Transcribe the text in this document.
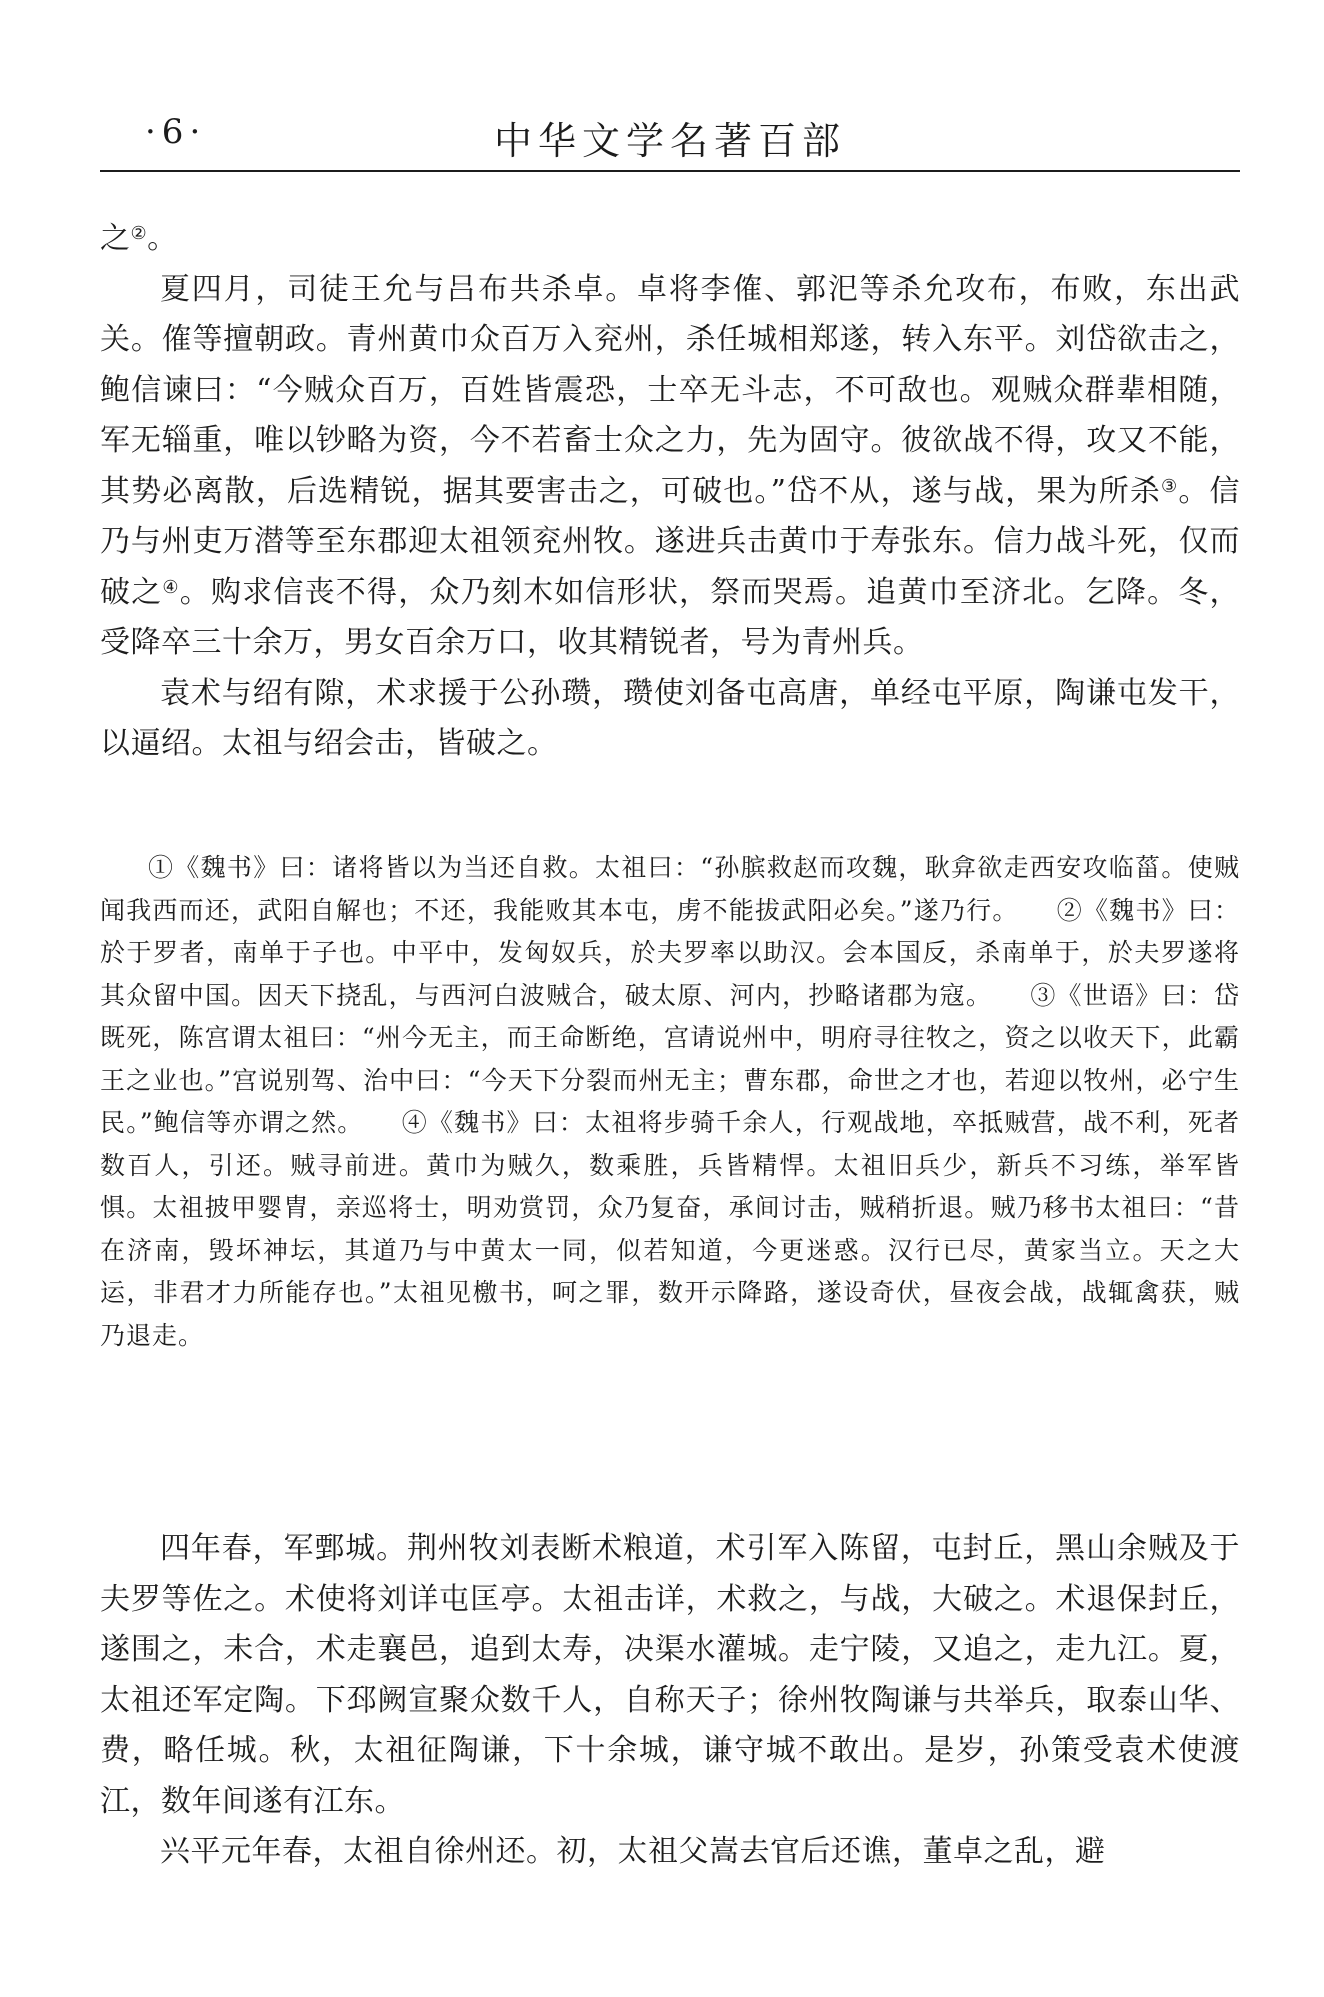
·6·	中华文学名著百部

之②。

夏四月，司徒王允与吕布共杀卓。卓将李傕、郭汜等杀允攻布，布败，东出武关。傕等擅朝政。青州黄巾众百万入兖州，杀任城相郑遂，转入东平。刘岱欲击之，鲍信谏曰：“今贼众百万，百姓皆震恐，士卒无斗志，不可敌也。观贼众群辈相随，军无辎重，唯以钞略为资，今不若畜士众之力，先为固守。彼欲战不得，攻又不能，其势必离散，后选精锐，据其要害击之，可破也。”岱不从，遂与战，果为所杀③。信乃与州吏万潜等至东郡迎太祖领兖州牧。遂进兵击黄巾于寿张东。信力战斗死，仅而破之④。购求信丧不得，众乃刻木如信形状，祭而哭焉。追黄巾至济北。乞降。冬，受降卒三十余万，男女百余万口，收其精锐者，号为青州兵。

袁术与绍有隙，术求援于公孙瓒，瓒使刘备屯高唐，单经屯平原，陶谦屯发干，以逼绍。太祖与绍会击，皆破之。

①《魏书》曰：诸将皆以为当还自救。太祖曰：“孙膑救赵而攻魏，耿弇欲走西安攻临菑。使贼闻我西而还，武阳自解也；不还，我能败其本屯，虏不能拔武阳必矣。”遂乃行。 ②《魏书》曰：於于罗者，南单于子也。中平中，发匈奴兵，於夫罗率以助汉。会本国反，杀南单于，於夫罗遂将其众留中国。因天下挠乱，与西河白波贼合，破太原、河内，抄略诸郡为寇。 ③《世语》曰：岱既死，陈宫谓太祖曰：“州今无主，而王命断绝，宫请说州中，明府寻往牧之，资之以收天下，此霸王之业也。”宫说别驾、治中曰：“今天下分裂而州无主；曹东郡，命世之才也，若迎以牧州，必宁生民。”鲍信等亦谓之然。 ④《魏书》曰：太祖将步骑千余人，行观战地，卒抵贼营，战不利，死者数百人，引还。贼寻前进。黄巾为贼久，数乘胜，兵皆精悍。太祖旧兵少，新兵不习练，举军皆惧。太祖披甲婴胄，亲巡将士，明劝赏罚，众乃复奋，承间讨击，贼稍折退。贼乃移书太祖曰：“昔在济南，毁坏神坛，其道乃与中黄太一同，似若知道，今更迷惑。汉行已尽，黄家当立。天之大运，非君才力所能存也。”太祖见檄书，呵之罪，数开示降路，遂设奇伏，昼夜会战，战辄禽获，贼乃退走。

四年春，军鄄城。荆州牧刘表断术粮道，术引军入陈留，屯封丘，黑山余贼及于夫罗等佐之。术使将刘详屯匡亭。太祖击详，术救之，与战，大破之。术退保封丘，遂围之，未合，术走襄邑，追到太寿，决渠水灌城。走宁陵，又追之，走九江。夏，太祖还军定陶。下邳阙宣聚众数千人，自称天子；徐州牧陶谦与共举兵，取泰山华、费，略任城。秋，太祖征陶谦，下十余城，谦守城不敢出。是岁，孙策受袁术使渡江，数年间遂有江东。

兴平元年春，太祖自徐州还。初，太祖父嵩去官后还谯，董卓之乱，避
